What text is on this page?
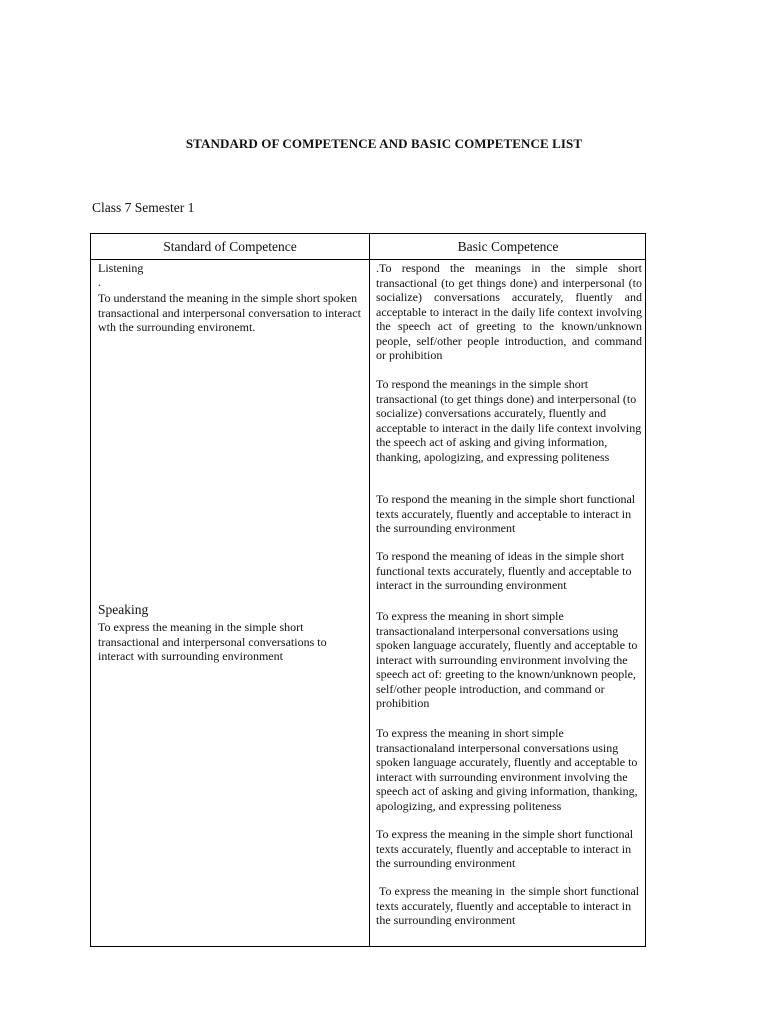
STANDARD OF COMPETENCE AND BASIC COMPETENCE LIST
Class 7 Semester 1
Standard of Competence	Basic Competence
Listening
.
To understand the meaning in the simple short spoken transactional and interpersonal conversation to interact wth the surrounding environemt.
Speaking
To express the meaning in the simple short transactional and interpersonal conversations to interact with surrounding environment
.To respond the meanings in the simple short transactional (to get things done) and interpersonal (to socialize) conversations accurately, fluently and acceptable to interact in the daily life context involving the speech act of greeting to the known/unknown people, self/other people introduction, and command or prohibition
To respond the meanings in the simple short transactional (to get things done) and interpersonal (to socialize) conversations accurately, fluently and acceptable to interact in the daily life context involving the speech act of asking and giving information, thanking, apologizing, and expressing politeness
To respond the meaning in the simple short functional texts accurately, fluently and acceptable to interact in the surrounding environment
To respond the meaning of ideas in the simple short functional texts accurately, fluently and acceptable to interact in the surrounding environment
To express the meaning in short simple transactionaland interpersonal conversations using spoken language accurately, fluently and acceptable to interact with surrounding environment involving the speech act of: greeting to the known/unknown people, self/other people introduction, and command or prohibition
To express the meaning in short simple transactionaland interpersonal conversations using spoken language accurately, fluently and acceptable to interact with surrounding environment involving the speech act of asking and giving information, thanking, apologizing, and expressing politeness
To express the meaning in the simple short functional texts accurately, fluently and acceptable to interact in the surrounding environment
To express the meaning in  the simple short functional texts accurately, fluently and acceptable to interact in the surrounding environment
